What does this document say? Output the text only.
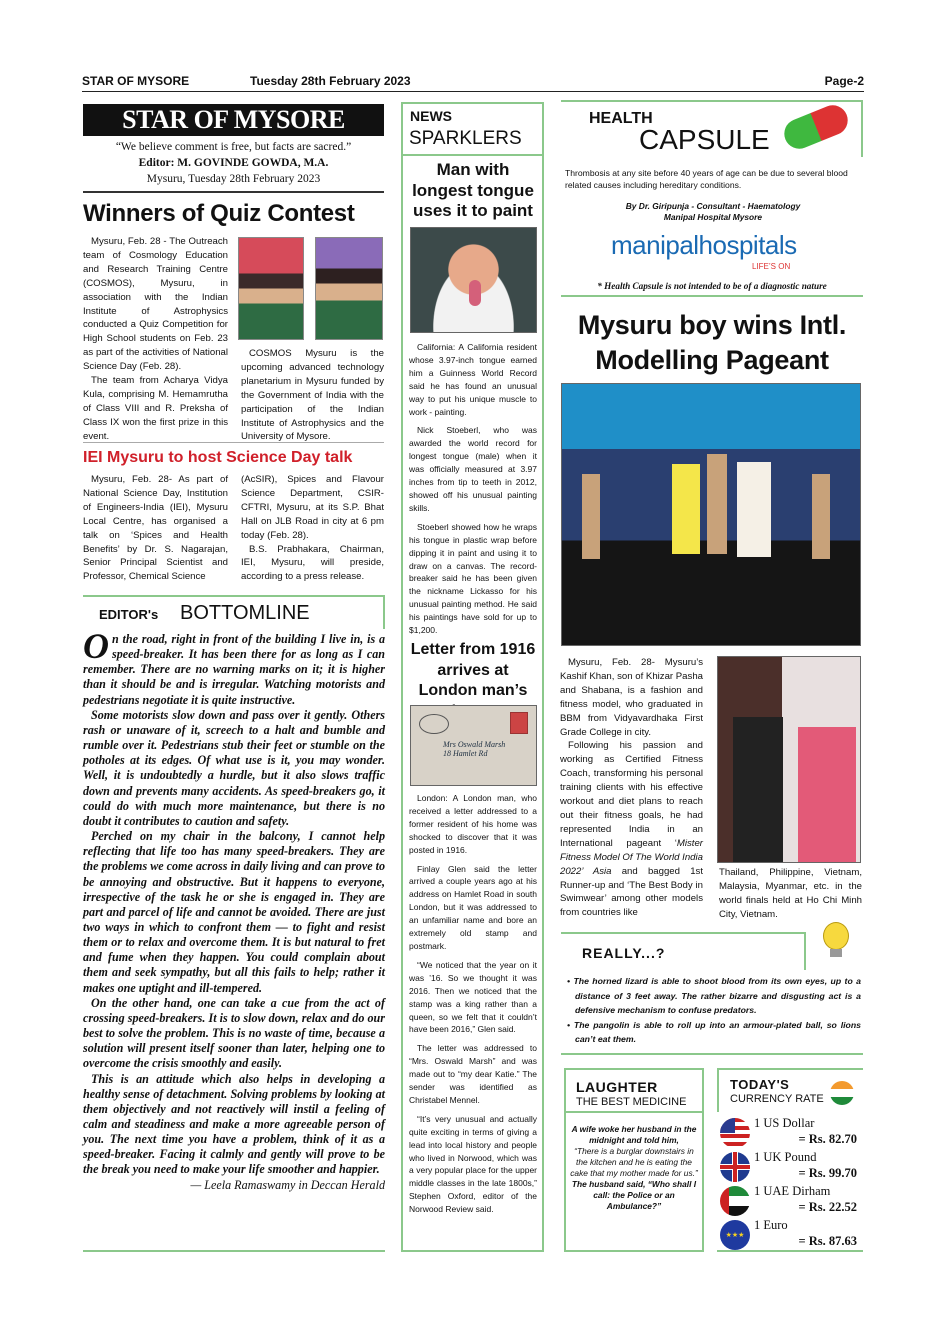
STAR OF MYSORE	Tuesday 28th February 2023	Page-2
STAR OF MYSORE
“We believe comment is free, but facts are sacred.”
Editor: M. GOVINDE GOWDA, M.A.
Mysuru, Tuesday 28th February 2023
Winners of Quiz Contest

Mysuru, Feb. 28 - The Outreach team of Cosmology Education and Research Training Centre (COSMOS), Mysuru, in association with the Indian Institute of Astrophysics conducted a Quiz Competition for High School students on Feb. 23 as part of the activities of National Science Day (Feb. 28).

The team from Acharya Vidya Kula, comprising M. Hemamrutha of Class VIII and R. Preksha of Class IX won the first prize in this event.

COSMOS Mysuru is the upcoming advanced technology planetarium in Mysuru funded by the Government of India with the participation of the Indian Institute of Astrophysics and the University of Mysore.
IEI Mysuru to host Science Day talk
Mysuru, Feb. 28- As part of National Science Day, Institution of Engineers-India (IEI), Mysuru Local Centre, has organised a talk on ‘Spices and Health Benefits’ by Dr. S. Nagarajan, Senior Principal Scientist and Professor, Chemical Science

(AcSIR), Spices and Flavour Science Department, CSIR-CFTRI, Mysuru, at its S.P. Bhat Hall on JLB Road in city at 6 pm today (Feb. 28).

B.S. Prabhakara, Chairman, IEI, Mysuru, will preside, according to a press release.

EDITOR's BOTTOMLINE

On the road, right in front of the building I live in, is a speed-breaker. It has been there for as long as I can remember. There are no warning marks on it; it is higher than it should be and is irregular. Watching motorists and pedestrians negotiate it is quite instructive.

Some motorists slow down and pass over it gently. Others rash or unaware of it, screech to a halt and bumble and rumble over it. Pedestrians stub their feet or stumble on the potholes at its edges. Of what use is it, you may wonder. Well, it is undoubtedly a hurdle, but it also slows traffic down and prevents many accidents. As speed-breakers go, it could do with much more maintenance, but there is no doubt it contributes to caution and safety.

Perched on my chair in the balcony, I cannot help reflecting that life too has many speed-breakers. They are the problems we come across in daily living and can prove to be annoying and obstructive. But it happens to everyone, irrespective of the task he or she is engaged in. They are part and parcel of life and cannot be avoided. There are just two ways in which to confront them — to fight and resist them or to relax and overcome them. It is but natural to fret and fume when they happen. You could complain about them and seek sympathy, but all this fails to help; rather it makes one uptight and ill-tempered.

On the other hand, one can take a cue from the act of crossing speed-breakers. It is to slow down, relax and do our best to solve the problem. This is no waste of time, because a solution will present itself sooner than later, helping one to overcome the crisis smoothly and easily.

This is an attitude which also helps in developing a healthy sense of detachment. Solving problems by looking at them objectively and not reactively will instil a feeling of calm and steadiness and make a more agreeable person of you. The next time you have a problem, think of it as a speed-breaker. Facing it calmly and gently will prove to be the break you need to make your life smoother and happier.

— Leela Ramaswamy in Deccan Herald

NEWS
SPARKLERS
Man with longest tongue uses it to paint

California: A California resident whose 3.97-inch tongue earned him a Guinness World Record said he has found an unusual way to put his unique muscle to work - painting.

Nick Stoeberl, who was awarded the world record for longest tongue (male) when it was officially measured at 3.97 inches from tip to teeth in 2012, showed off his unusual painting skills.

Stoeberl showed how he wraps his tongue in plastic wrap before dipping it in paint and using it to draw on a canvas. The record-breaker said he has been given the nickname Lickasso for his unusual painting method. He said his paintings have sold for up to $1,200.

Letter from 1916 arrives at London man’s
Mrs Oswald Marsh 18 Hamlet Rd

London: A London man, who received a letter addressed to a former resident of his home was shocked to discover that it was posted in 1916.

Finlay Glen said the letter arrived a couple years ago at his address on Hamlet Road in south London, but it was addressed to an unfamiliar name and bore an extremely old stamp and postmark.

“We noticed that the year on it was ’16. So we thought it was 2016. Then we noticed that the stamp was a king rather than a queen, so we felt that it couldn’t have been 2016,” Glen said.

The letter was addressed to “Mrs. Oswald Marsh” and was made out to “my dear Katie.” The sender was identified as Christabel Mennel.

“It’s very unusual and actually quite exciting in terms of giving a lead into local history and people who lived in Norwood, which was a very popular place for the upper middle classes in the late 1800s,” Stephen Oxford, editor of the Norwood Review said.

HEALTH
CAPSULE
Thrombosis at any site before 40 years of age can be due to several blood related causes including hereditary conditions.
By Dr. Giripunja - Consultant - Haematology
Manipal Hospital Mysore
manipalhospitals
LIFE’S ON
* Health Capsule is not intended to be of a diagnostic nature
Mysuru boy wins Intl. Modelling Pageant

Mysuru, Feb. 28- Mysuru’s Kashif Khan, son of Khizar Pasha and Shabana, is a fashion and fitness model, who graduated in BBM from Vidyavardhaka First Grade College in city.

Following his passion and working as Certified Fitness Coach, transforming his personal training clients with his effective workout and diet plans to reach out their fitness goals, he had represented India in an International pageant ‘Mister Fitness Model Of The World India 2022’ Asia and bagged 1st Runner-up and ‘The Best Body in Swimwear’ among other models from countries like

Thailand, Philippine, Vietnam, Malaysia, Myanmar, etc. in the world finals held at Ho Chi Minh City, Vietnam.
REALLY...?

• The horned lizard is able to shoot blood from its own eyes, up to a distance of 3 feet away. The rather bizarre and disgusting act is a defensive mechanism to confuse predators.

• The pangolin is able to roll up into an armour-plated ball, so lions can’t eat them.

LAUGHTER
THE BEST MEDICINE

A wife woke her husband in the midnight and told him,

“There is a burglar downstairs in the kitchen and he is eating the cake that my mother made for us.”

The husband said, “Who shall I call: the Police or an Ambulance?”

TODAY'S
CURRENCY RATE
1 US Dollar
= Rs. 82.70
1 UK Pound
= Rs. 99.70
1 UAE Dirham
= Rs. 22.52
★★★
1 Euro
= Rs. 87.63
